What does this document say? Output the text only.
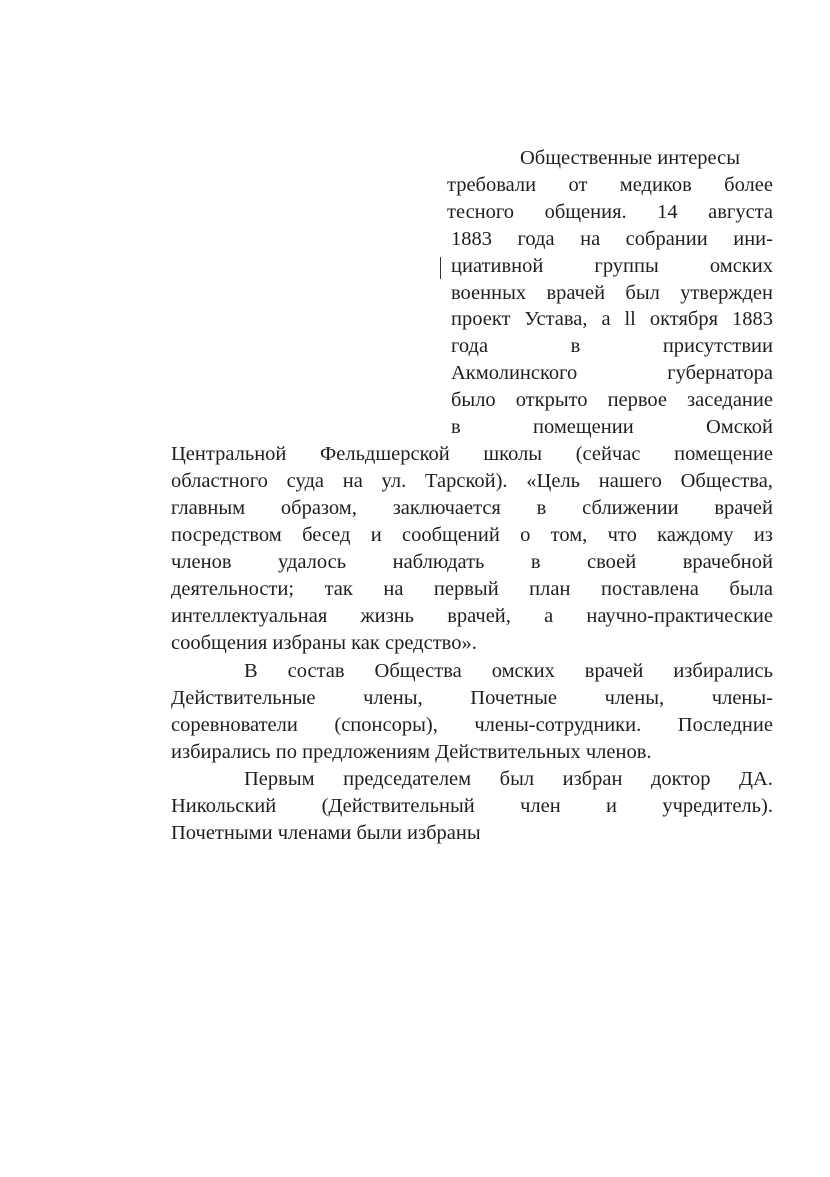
Общественные интересы
требовали от медиков более
тесного общения. 14 августа
1883 года на собрании ини-
циативной группы омских
военных врачей был утвержден
проект Устава, а ll октября 1883
года	в	присутствии
Акмолинского	губернатора
было открыто первое заседание
в	помещении	Омской
Центральной Фельдшерской школы (сейчас помещение
областного суда на ул. Тарской). «Цель нашего Общества,
главным образом, заключается в сближении врачей
посредством бесед и сообщений о том, что каждому из
членов удалось наблюдать в своей врачебной
деятельности; так на первый план поставлена была
интеллектуальная жизнь врачей, а научно-практические
сообщения избраны как средство».
В состав Общества омских врачей избирались
Действительные члены, Почетные члены, члены-
соревнователи (спонсоры), члены-сотрудники. Последние
избирались по предложениям Действительных членов.
Первым председателем был избран доктор ДА.
Никольский (Действительный член и учредитель).
Почетными членами были избраны
